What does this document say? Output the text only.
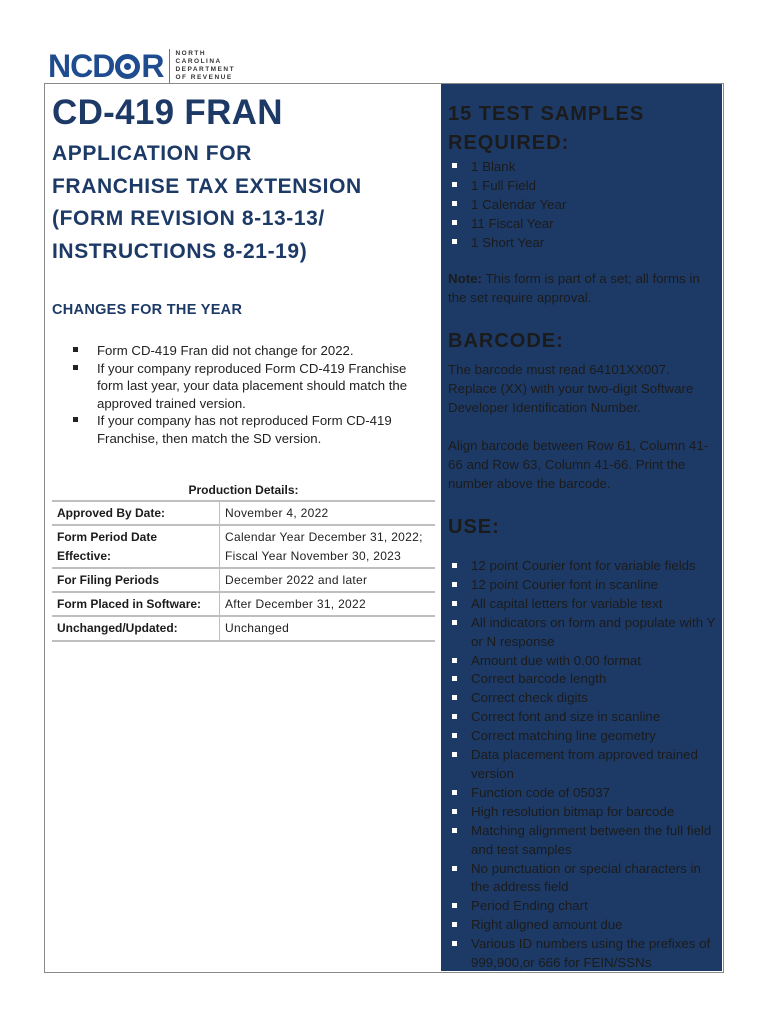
NCD R NORTH
CAROLINA
DEPARTMENT
OF REVENUE
CD-419 FRAN
APPLICATION FOR
FRANCHISE TAX EXTENSION
(FORM REVISION 8-13-13/
INSTRUCTIONS 8-21-19)
CHANGES FOR THE YEAR
Form CD-419 Fran did not change for 2022.
If your company reproduced Form CD-419 Franchise form last year, your data placement should match the approved trained version.
If your company has not reproduced Form CD-419 Franchise, then match the SD version.
Production Details:
Approved By Date:	November 4, 2022
Form Period Date Effective:	Calendar Year December 31, 2022; Fiscal Year November 30, 2023
For Filing Periods	December 2022 and later
Form Placed in Software:	After December 31, 2022
Unchanged/Updated:	Unchanged
15 TEST SAMPLES REQUIRED:
1 Blank
1 Full Field
1 Calendar Year
11 Fiscal Year
1 Short Year
Note: This form is part of a set; all forms in the set require approval.
BARCODE:

The barcode must read 64101XX007. Replace (XX) with your two-digit Software Developer Identification Number.

Align barcode between Row 61, Column 41-66 and Row 63, Column 41-66. Print the number above the barcode.

USE:
12 point Courier font for variable fields
12 point Courier font in scanline
All capital letters for variable text
All indicators on form and populate with Y or N response
Amount due with 0.00 format
Correct barcode length
Correct check digits
Correct font and size in scanline
Correct matching line geometry
Data placement from approved trained version
Function code of 05037
High resolution bitmap for barcode
Matching alignment between the full field and test samples
No punctuation or special characters in the address field
Period Ending chart
Right aligned amount due
Various ID numbers using the prefixes of 999,900,or 666 for FEIN/SSNs
